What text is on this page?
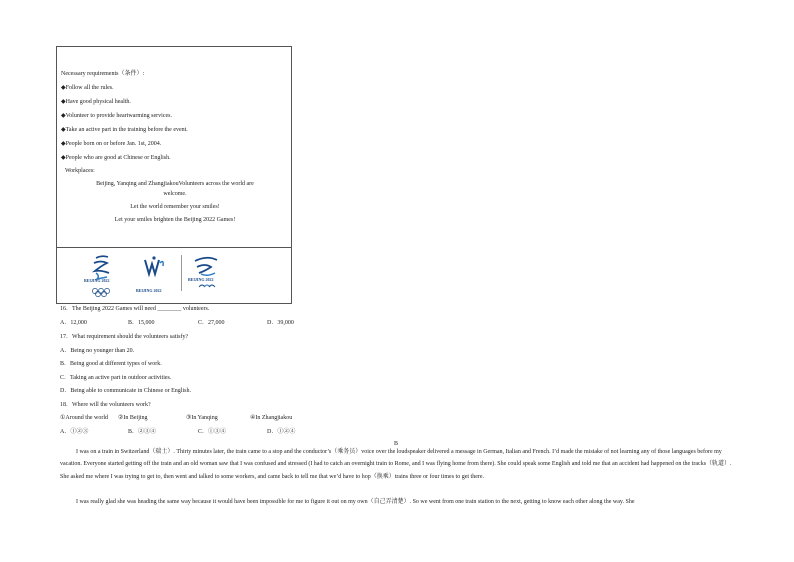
Necessary requirements（条件）:
◆Follow all the rules.
◆Have good physical health.
◆Volunteer to provide heartwarming services.
◆Take an active part in the training before the event.
◆People born on or before Jan. 1st, 2004.
◆People who are good at Chinese or English.
Workplaces:
Beijing, Yanqing and ZhangjiakouVolunteers across the world are
welcome.
Let the world remember your smiles!
Let your smiles brighten the Beijing 2022 Games!
BEIJING 2022
BEIJING 2022
BEIJING 2022
16．The Beijing 2022 Games will need ________ volunteers.
A．12,000	B．15,000	C．27,000	D．39,000
17．What requirement should the volunteers satisfy?
A．Being no younger than 20.
B．Being good at different types of work.
C．Taking an active part in outdoor activities.
D．Being able to communicate in Chinese or English.
18．Where will the volunteers work?
①Around the world ②In Beijing	③In Yanqing	④In Zhangjiakou
A．①②③	B．②③④	C．①③④	D．①②④
B
I was on a train in Switzerland（瑞士）. Thirty minutes later, the train came to a stop and the conductor’s（乘务员）voice over the loudspeaker delivered a message in German, Italian and French. I’d made the mistake of not learning any of those languages before my vacation. Everyone started getting off the train and an old woman saw that I was confused and stressed (I had to catch an overnight train to Rome, and I was flying home from there). She could speak some English and told me that an accident had happened on the tracks（轨道）. She asked me where I was trying to get to, then went and talked to some workers, and came back to tell me that we’d have to hop（换乘）trains three or four times to get there.
I was really glad she was heading the same way because it would have been impossible for me to figure it out on my own（自己弄清楚）. So we went from one train station to the next, getting to know each other along the way. She
